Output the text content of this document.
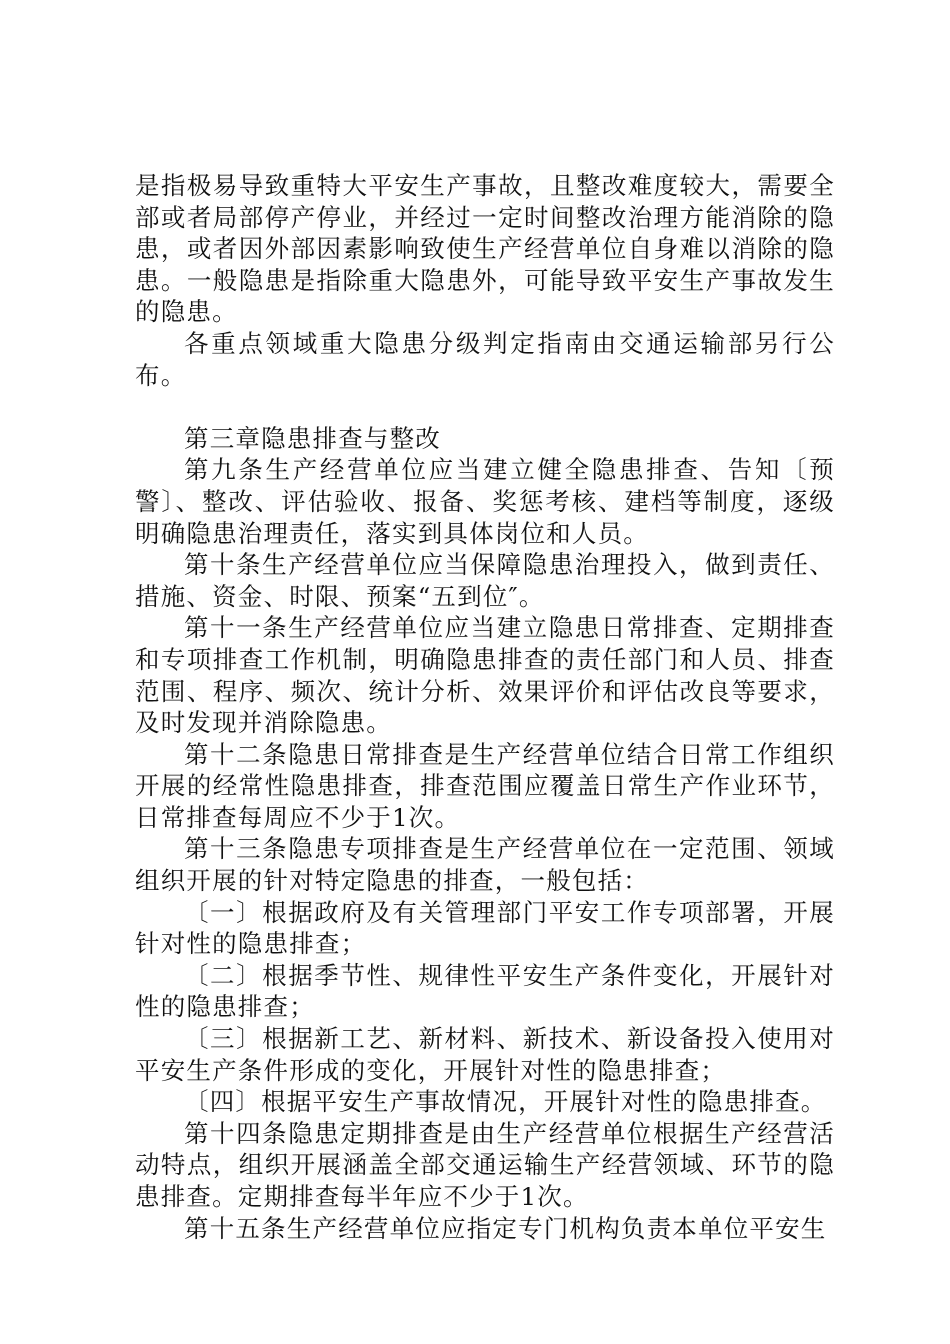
是指极易导致重特大平安生产事故，且整改难度较大，需要全部或者局部停产停业，并经过一定时间整改治理方能消除的隐患，或者因外部因素影响致使生产经营单位自身难以消除的隐患。一般隐患是指除重大隐患外，可能导致平安生产事故发生的隐患。

各重点领域重大隐患分级判定指南由交通运输部另行公布。

第三章隐患排查与整改

第九条生产经营单位应当建立健全隐患排查、告知〔预警〕、整改、评估验收、报备、奖惩考核、建档等制度，逐级明确隐患治理责任，落实到具体岗位和人员。

第十条生产经营单位应当保障隐患治理投入，做到责任、措施、资金、时限、预案“五到位″。

第十一条生产经营单位应当建立隐患日常排查、定期排查和专项排查工作机制，明确隐患排查的责任部门和人员、排查范围、程序、频次、统计分析、效果评价和评估改良等要求，及时发现并消除隐患。

第十二条隐患日常排查是生产经营单位结合日常工作组织开展的经常性隐患排查，排查范围应覆盖日常生产作业环节，日常排查每周应不少于1次。

第十三条隐患专项排查是生产经营单位在一定范围、领域组织开展的针对特定隐患的排查，一般包括：

〔一〕根据政府及有关管理部门平安工作专项部署，开展针对性的隐患排查；

〔二〕根据季节性、规律性平安生产条件变化，开展针对性的隐患排查；

〔三〕根据新工艺、新材料、新技术、新设备投入使用对平安生产条件形成的变化，开展针对性的隐患排查；

〔四〕根据平安生产事故情况，开展针对性的隐患排查。

第十四条隐患定期排查是由生产经营单位根据生产经营活动特点，组织开展涵盖全部交通运输生产经营领域、环节的隐患排查。定期排查每半年应不少于1次。

第十五条生产经营单位应指定专门机构负责本单位平安生
